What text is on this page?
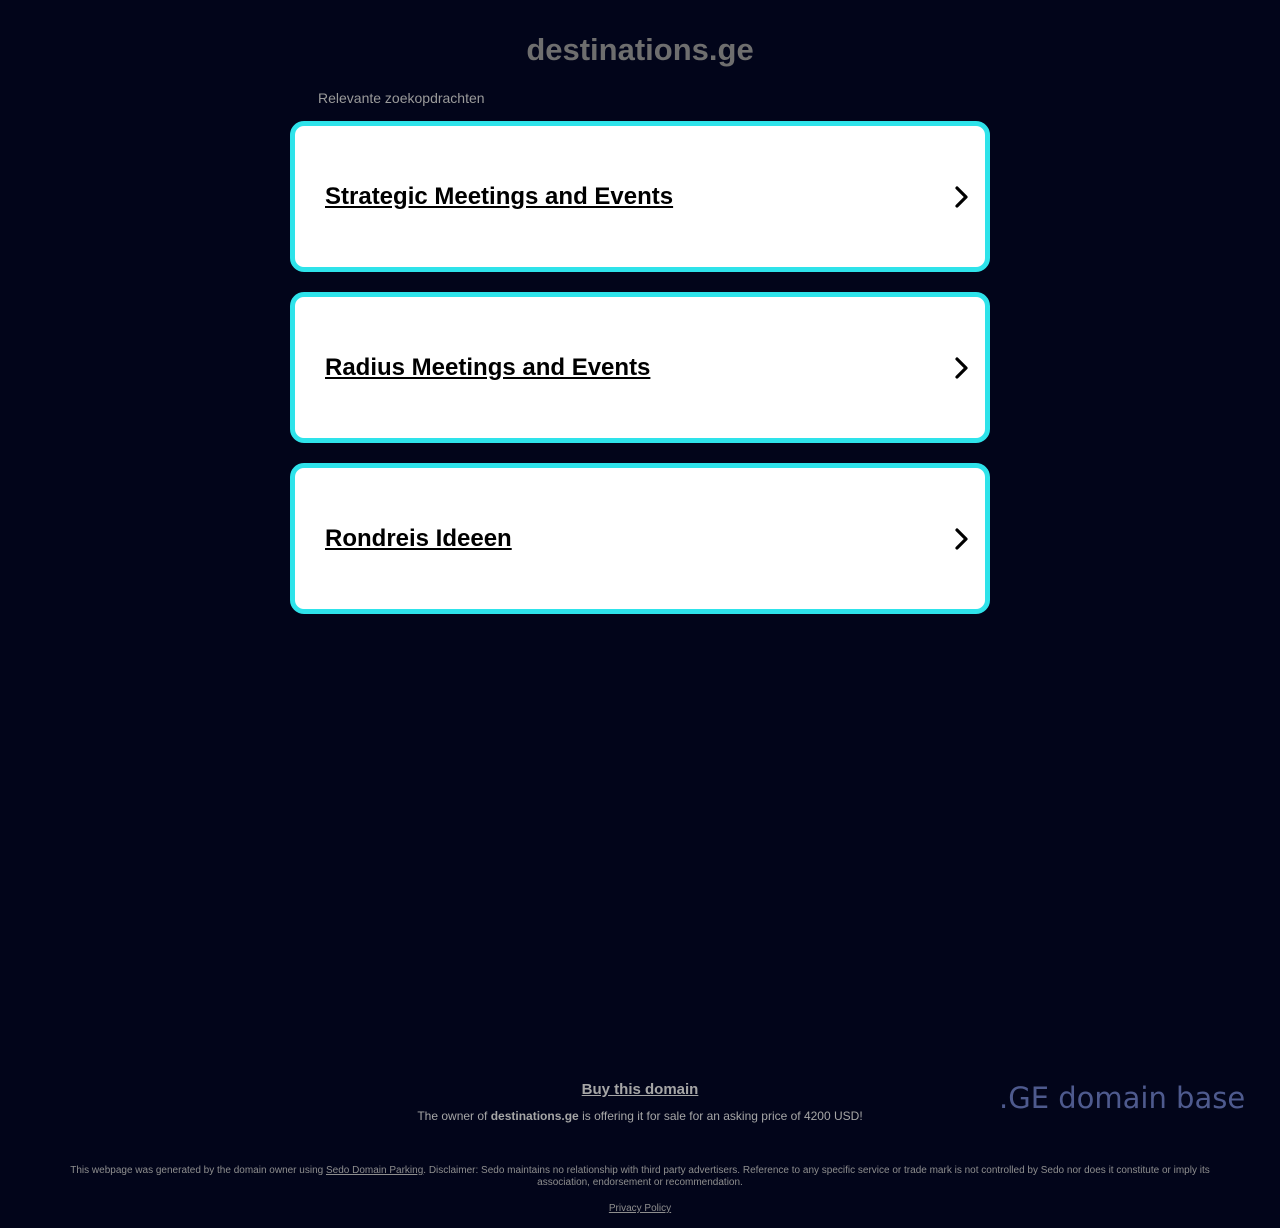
destinations.ge
Relevante zoekopdrachten
Strategic Meetings and Events
Radius Meetings and Events
Rondreis Ideeen
Buy this domain
The owner of destinations.ge is offering it for sale for an asking price of 4200 USD!
.GE domain base
This webpage was generated by the domain owner using Sedo Domain Parking. Disclaimer: Sedo maintains no relationship with third party advertisers. Reference to any specific service or trade mark is not controlled by Sedo nor does it constitute or imply its association, endorsement or recommendation.
Privacy Policy
